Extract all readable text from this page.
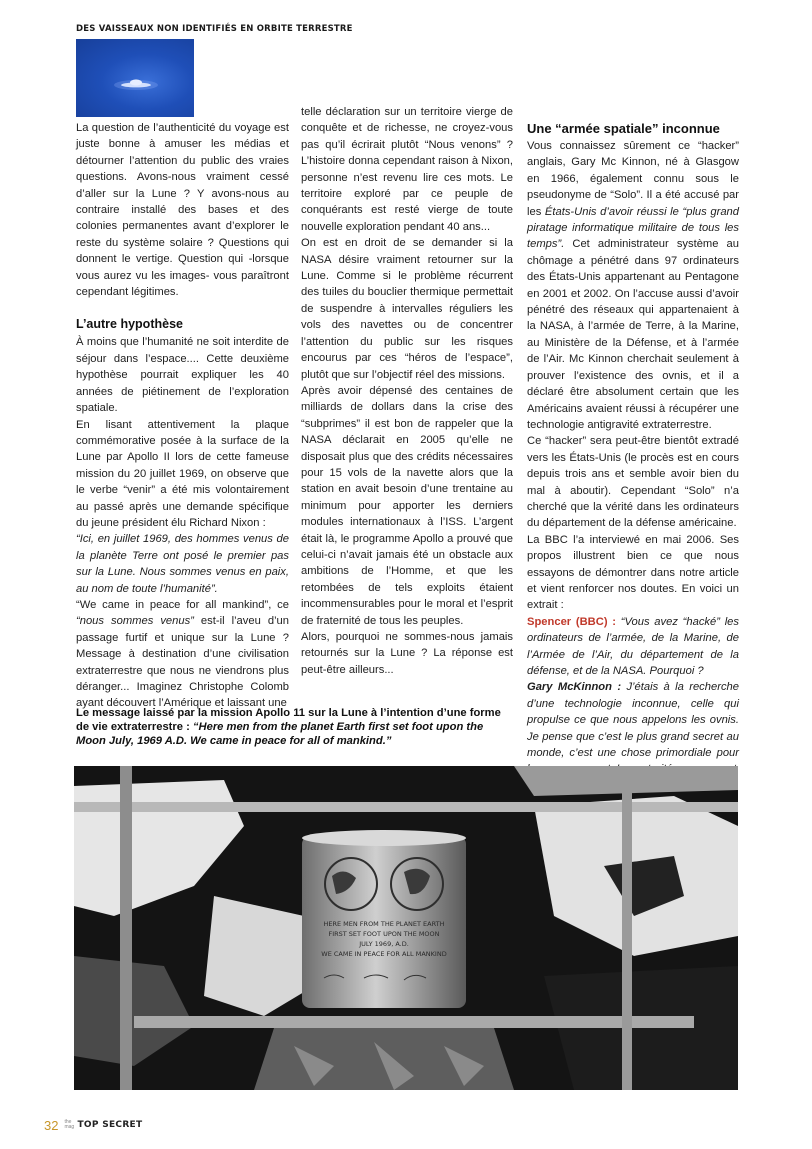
DES VAISSEAUX NON IDENTIFIÉS EN ORBITE TERRESTRE

La question de l’authenticité du voyage est juste bonne à amuser les médias et détourner l’attention du public des vraies questions. Avons-nous vraiment cessé d’aller sur la Lune ? Y avons-nous au contraire installé des bases et des colonies permanentes avant d’explorer le reste du système solaire ? Questions qui donnent le vertige. Question qui -lorsque vous aurez vu les images- vous paraîtront cependant légitimes.

L’autre hypothèse

À moins que l’humanité ne soit interdite de séjour dans l’espace.... Cette deuxième hypothèse pourrait expliquer les 40 années de piétinement de l’exploration spatiale.

En lisant attentivement la plaque commémorative posée à la surface de la Lune par Apollo II lors de cette fameuse mission du 20 juillet 1969, on observe que le verbe “venir” a été mis volontairement au passé après une demande spécifique du jeune président élu Richard Nixon :

“Ici, en juillet 1969, des hommes venus de la planète Terre ont posé le premier pas sur la Lune. Nous sommes venus en paix, au nom de toute l’humanité”.

“We came in peace for all mankind”, ce “nous sommes venus” est-il l’aveu d’un passage furtif et unique sur la Lune ? Message à destination d’une civilisation extraterrestre que nous ne viendrons plus déranger... Imaginez Christophe Colomb ayant découvert l’Amérique et laissant une

telle déclaration sur un territoire vierge de conquête et de richesse, ne croyez-vous pas qu’il écrirait plutôt “Nous venons” ? L’histoire donna cependant raison à Nixon, personne n’est revenu lire ces mots. Le territoire exploré par ce peuple de conquérants est resté vierge de toute nouvelle exploration pendant 40 ans...

On est en droit de se demander si la NASA désire vraiment retourner sur la Lune. Comme si le problème récurrent des tuiles du bouclier thermique permettait de suspendre à intervalles réguliers les vols des navettes ou de concentrer l’attention du public sur les risques encourus par ces “héros de l’espace”, plutôt que sur l’objectif réel des missions.

Après avoir dépensé des centaines de milliards de dollars dans la crise des “subprimes” il est bon de rappeler que la NASA déclarait en 2005 qu’elle ne disposait plus que des crédits nécessaires pour 15 vols de la navette alors que la station en avait besoin d’une trentaine au minimum pour apporter les derniers modules internationaux à l’ISS. L’argent était là, le programme Apollo a prouvé que celui-ci n’avait jamais été un obstacle aux ambitions de l’Homme, et que les retombées de tels exploits étaient incommensurables pour le moral et l’esprit de fraternité de tous les peuples.

Alors, pourquoi ne sommes-nous jamais retournés sur la Lune ? La réponse est peut-être ailleurs...

Une “armée spatiale” inconnue

Vous connaissez sûrement ce “hacker” anglais, Gary Mc Kinnon, né à Glasgow en 1966, également connu sous le pseudonyme de “Solo”. Il a été accusé par les États-Unis d’avoir réussi le “plus grand piratage informatique militaire de tous les temps”. Cet administrateur système au chômage a pénétré dans 97 ordinateurs des États-Unis appartenant au Pentagone en 2001 et 2002. On l’accuse aussi d’avoir pénétré des réseaux qui appartenaient à la NASA, à l’armée de Terre, à la Marine, au Ministère de la Défense, et à l’armée de l’Air. Mc Kinnon cherchait seulement à prouver l’existence des ovnis, et il a déclaré être absolument certain que les Américains avaient réussi à récupérer une technologie antigravité extraterrestre.

Ce “hacker” sera peut-être bientôt extradé vers les États-Unis (le procès est en cours depuis trois ans et semble avoir bien du mal à aboutir). Cependant “Solo” n’a cherché que la vérité dans les ordinateurs du département de la défense américaine.

La BBC l’a interviewé en mai 2006. Ses propos illustrent bien ce que nous essayons de démontrer dans notre article et vient renforcer nos doutes. En voici un extrait :

Spencer (BBC) : “Vous avez “hacké” les ordinateurs de l’armée, de la Marine, de l’Armée de l’Air, du département de la défense, et de la NASA. Pourquoi ?

Gary McKinnon : J’étais à la recherche d’une technologie inconnue, celle qui propulse ce que nous appelons les ovnis. Je pense que c’est le plus grand secret au monde, c’est une chose primordiale pour

Le message laissé par la mission Apollo 11 sur la Lune à l’intention d’une forme de vie extraterrestre : “Here men from the planet Earth first set foot upon the Moon July, 1969 A.D. We came in peace for all of mankind.”
HERE MEN FROM THE PLANET EARTH
FIRST SET FOOT UPON THE MOON
JULY 1969, A.D.
WE CAME IN PEACE FOR ALL MANKIND
32 the mag TOP SECRET
